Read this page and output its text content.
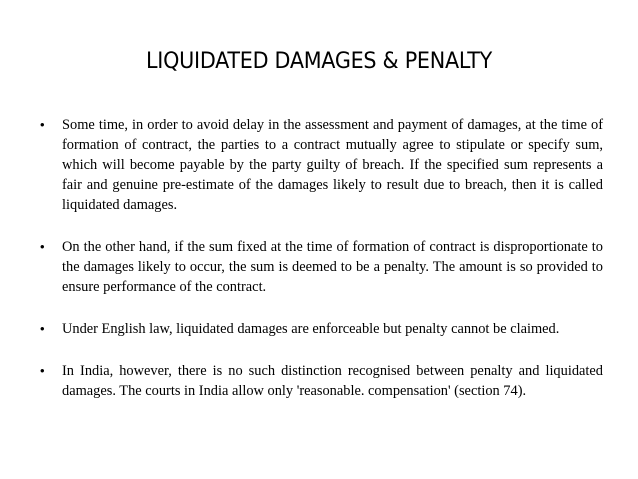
LIQUIDATED DAMAGES & PENALTY
•	Some time, in order to avoid delay in the assessment and payment of damages, at the time of formation of contract, the parties to a contract mutually agree to stipulate or specify sum, which will become payable by the party guilty of breach. If the specified sum represents a fair and genuine pre-estimate of the damages likely to result due to breach, then it is called liquidated damages.
•	On the other hand, if the sum fixed at the time of formation of contract is disproportionate to the damages likely to occur, the sum is deemed to be a penalty. The amount is so provided to ensure performance of the contract.
•	Under English law, liquidated damages are enforceable but penalty cannot be claimed.
•	In India, however, there is no such distinction recognised between penalty and liquidated damages. The courts in India allow only 'reasonable. compensation' (section 74).
